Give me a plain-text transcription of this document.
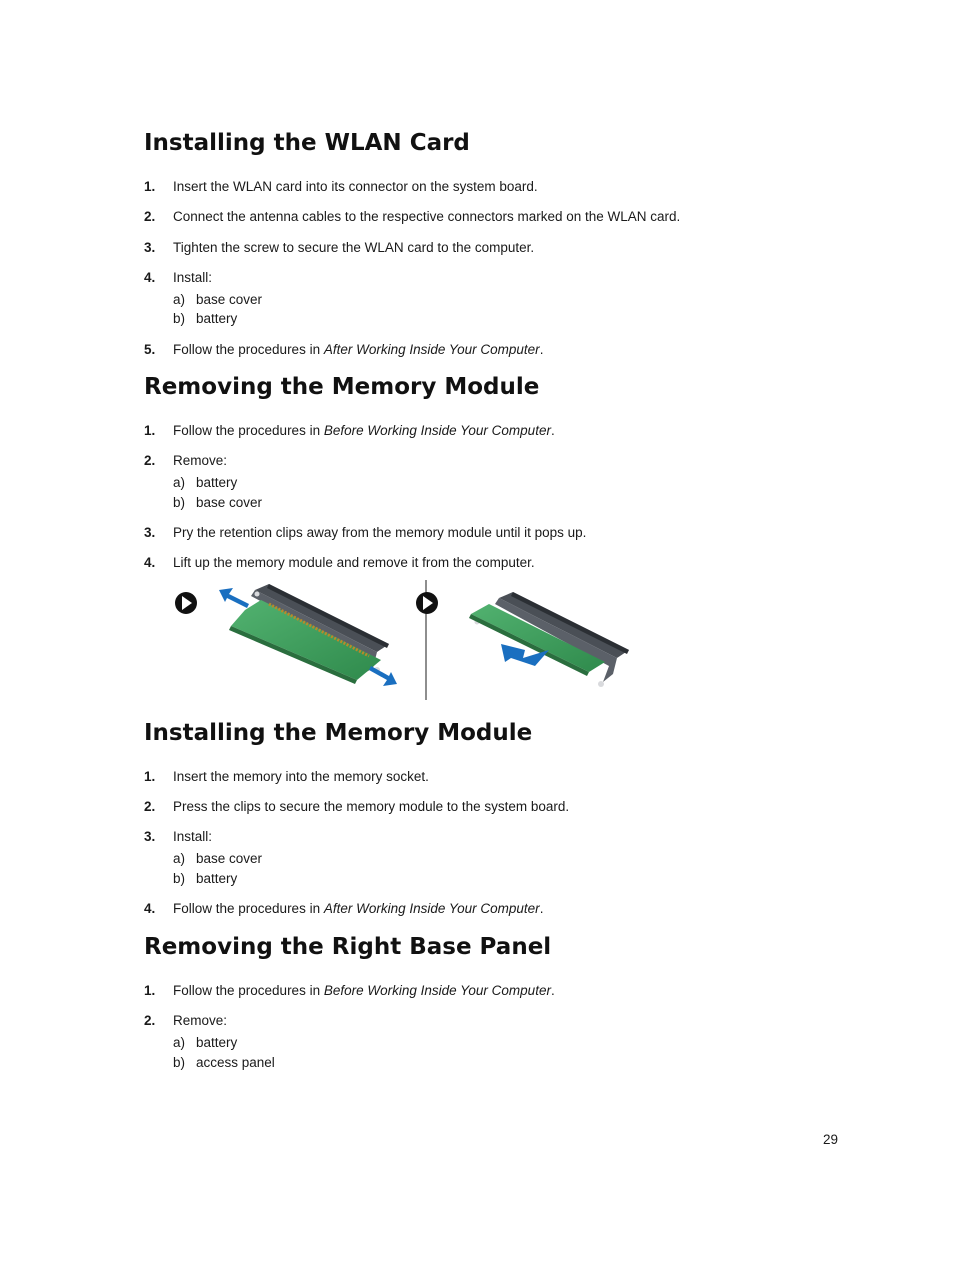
Installing the WLAN Card
1. Insert the WLAN card into its connector on the system board.
2. Connect the antenna cables to the respective connectors marked on the WLAN card.
3. Tighten the screw to secure the WLAN card to the computer.
4. Install:
a) base cover
b) battery
5. Follow the procedures in After Working Inside Your Computer.
Removing the Memory Module
1. Follow the procedures in Before Working Inside Your Computer.
2. Remove:
a) battery
b) base cover
3. Pry the retention clips away from the memory module until it pops up.
4. Lift up the memory module and remove it from the computer.
Installing the Memory Module
1. Insert the memory into the memory socket.
2. Press the clips to secure the memory module to the system board.
3. Install:
a) base cover
b) battery
4. Follow the procedures in After Working Inside Your Computer.
Removing the Right Base Panel
1. Follow the procedures in Before Working Inside Your Computer.
2. Remove:
a) battery
b) access panel
29
